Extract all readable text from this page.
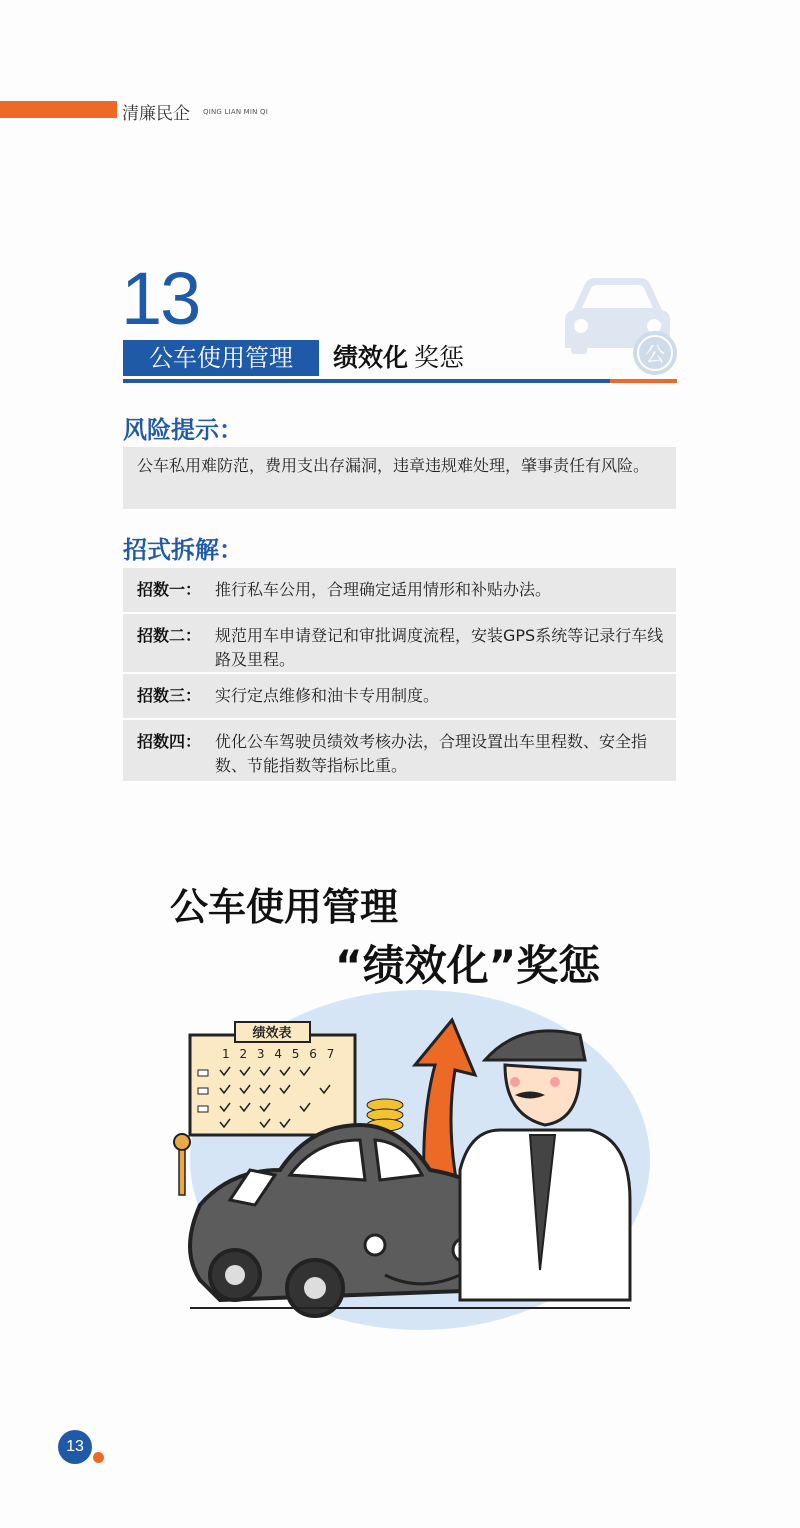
清廉民企 QING LIAN MIN QI
13
公
公车使用管理	绩效化 奖惩
风险提示：
公车私用难防范，费用支出存漏洞，违章违规难处理，肇事责任有风险。
招式拆解：
招数一： 推行私车公用，合理确定适用情形和补贴办法。
招数二： 规范用车申请登记和审批调度流程，安装GPS系统等记录行车线路及里程。
招数三： 实行定点维修和油卡专用制度。
招数四： 优化公车驾驶员绩效考核办法，合理设置出车里程数、安全指数、节能指数等指标比重。
公车使用管理
“绩效化”奖惩
绩效表
1 2 3 4 5 6 7
13
